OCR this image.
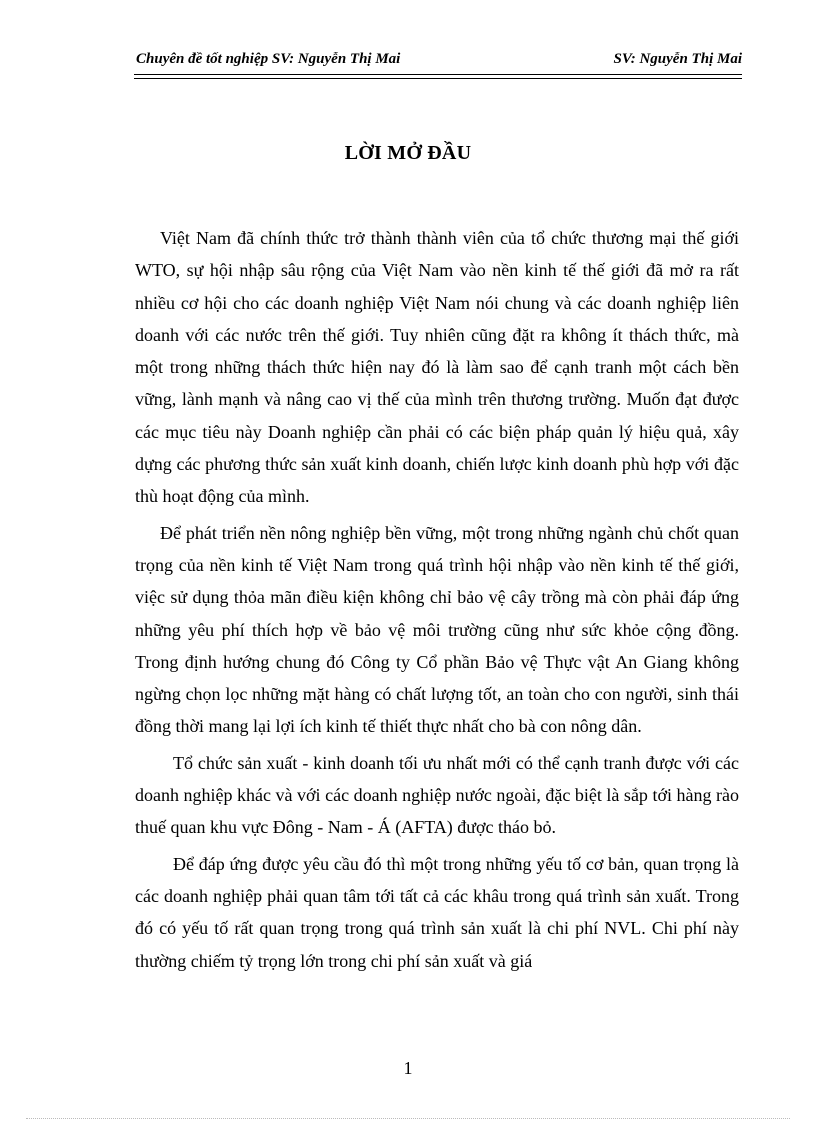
Chuyên đề tốt nghiệp SV: Nguyễn Thị Mai	SV: Nguyễn Thị Mai
LỜI MỞ ĐẦU

Việt Nam đã chính thức trở thành thành viên của tổ chức thương mại thế giới WTO, sự hội nhập sâu rộng của Việt Nam vào nền kinh tế thế giới đã mở ra rất nhiều cơ hội cho các doanh nghiệp Việt Nam nói chung và các doanh nghiệp liên doanh với các nước trên thế giới. Tuy nhiên cũng đặt ra không ít thách thức, mà một trong những thách thức hiện nay đó là làm sao để cạnh tranh một cách bền vững, lành mạnh và nâng cao vị thế của mình trên thương trường. Muốn đạt được các mục tiêu này Doanh nghiệp cần phải có các biện pháp quản lý hiệu quả, xây dựng các phương thức sản xuất kinh doanh, chiến lược kinh doanh phù hợp với đặc thù hoạt động của mình.

Để phát triển nền nông nghiệp bền vững, một trong những ngành chủ chốt quan trọng của nền kinh tế Việt Nam trong quá trình hội nhập vào nền kinh tế thế giới, việc sử dụng thỏa mãn điều kiện không chỉ bảo vệ cây trồng mà còn phải đáp ứng những yêu phí thích hợp về bảo vệ môi trường cũng như sức khỏe cộng đồng. Trong định hướng chung đó Công ty Cổ phần Bảo vệ Thực vật An Giang không ngừng chọn lọc những mặt hàng có chất lượng tốt, an toàn cho con người, sinh thái đồng thời mang lại lợi ích kinh tế thiết thực nhất cho bà con nông dân.

Tổ chức sản xuất - kinh doanh tối ưu nhất mới có thể cạnh tranh được với các doanh nghiệp khác và với các doanh nghiệp nước ngoài, đặc biệt là sắp tới hàng rào thuế quan khu vực Đông - Nam - Á (AFTA) được tháo bỏ.

Để đáp ứng được yêu cầu đó thì một trong những yếu tố cơ bản, quan trọng là các doanh nghiệp phải quan tâm tới tất cả các khâu trong quá trình sản xuất. Trong đó có yếu tố rất quan trọng trong quá trình sản xuất là chi phí NVL. Chi phí này thường chiếm tỷ trọng lớn trong chi phí sản xuất và giá

1
